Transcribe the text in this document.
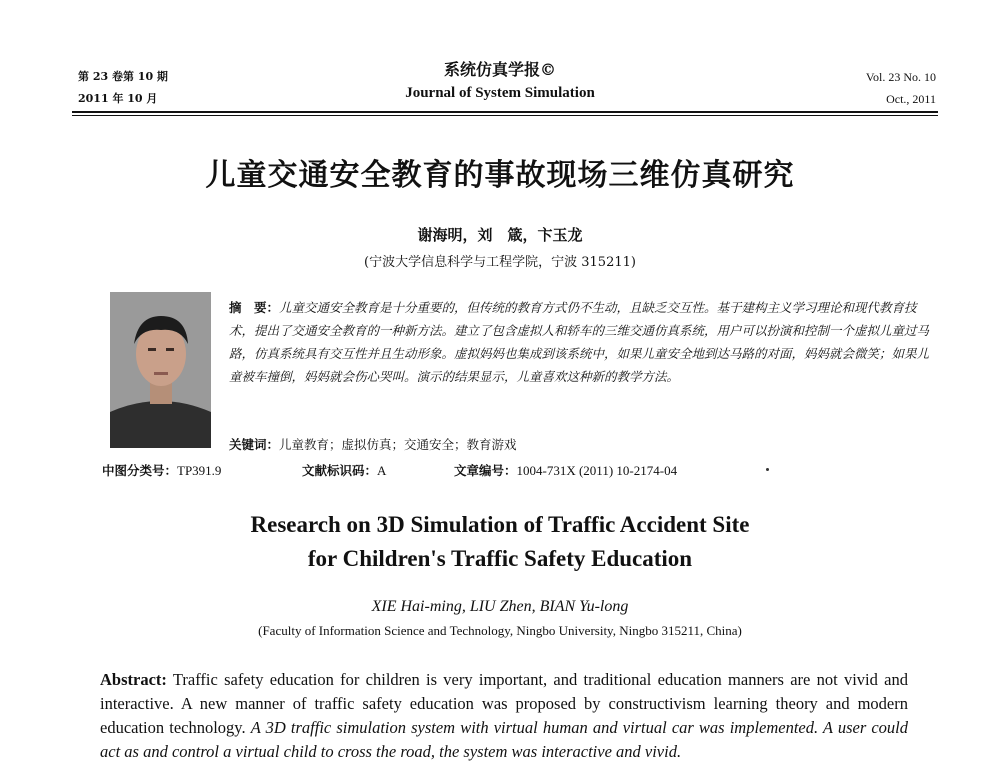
第 23 卷第 10 期
2011 年 10 月
系统仿真学报©
Journal of System Simulation
Vol. 23 No. 10
Oct., 2011
儿童交通安全教育的事故现场三维仿真研究
谢海明，刘　箴，卞玉龙
(宁波大学信息科学与工程学院，宁波 315211)
摘　要：儿童交通安全教育是十分重要的，但传统的教育方式仍不生动，且缺乏交互性。基于建构主义学习理论和现代教育技术，提出了交通安全教育的一种新方法。建立了包含虚拟人和轿车的三维交通仿真系统，用户可以扮演和控制一个虚拟儿童过马路，仿真系统具有交互性并且生动形象。虚拟妈妈也集成到该系统中，如果儿童安全地到达马路的对面，妈妈就会微笑；如果儿童被车撞倒，妈妈就会伤心哭叫。演示的结果显示，儿童喜欢这种新的教学方法。
关键词：儿童教育；虚拟仿真；交通安全；教育游戏
中图分类号：TP391.9	文献标识码：A	文章编号：1004-731X (2011) 10-2174-04
Research on 3D Simulation of Traffic Accident Site
for Children's Traffic Safety Education
XIE Hai-ming, LIU Zhen, BIAN Yu-long
(Faculty of Information Science and Technology, Ningbo University, Ningbo 315211, China)
Abstract: Traffic safety education for children is very important, and traditional education manners are not vivid and interactive. A new manner of traffic safety education was proposed by constructivism learning theory and modern education technology. A 3D traffic simulation system with virtual human and virtual car was implemented. A user could act as and control a virtual child to cross the road, the system was interactive and vivid.
